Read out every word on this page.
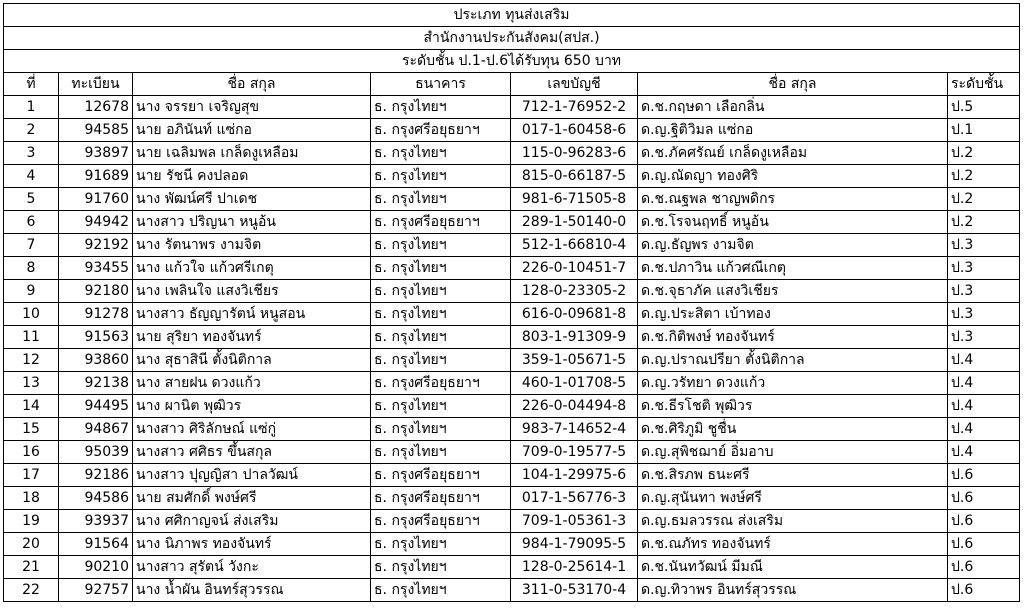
ประเภท ทุนส่งเสริม						
สำนักงานประกันสังคม(สปส.)						
ระดับชั้น ป.1-ป.6ได้รับทุน 650 บาท						
ที่	ทะเบียน	ชื่อ สกุล	ธนาคาร	เลขบัญชี	ชื่อ สกุล	ระดับชั้น
1	12678	นาง จรรยา เจริญสุข	ธ. กรุงไทยฯ	712-1-76952-2	ด.ช.กฤษดา เลือกลิ่น	ป.5
2	94585	นาย อภินันท์ แซ่กอ	ธ. กรุงศรีอยุธยาฯ	017-1-60458-6	ด.ญ.ฐิติวิมล แซ่กอ	ป.1
3	93897	นาย เฉลิมพล เกล็ดงูเหลือม	ธ. กรุงไทยฯ	115-0-96283-6	ด.ช.ภัคศรัณย์ เกล็ดงูเหลือม	ป.2
4	91689	นาย รัชนี คงปลอด	ธ. กรุงไทยฯ	815-0-66187-5	ด.ญ.ณัดญา ทองศิริ	ป.2
5	91760	นาง พัฒน์ศรี ปาเดช	ธ. กรุงไทยฯ	981-6-71505-8	ด.ช.ณฐพล ชาญพดิกร	ป.2
6	94942	นางสาว ปริญนา หนูอ้น	ธ. กรุงศรีอยุธยาฯ	289-1-50140-0	ด.ช.โรจนฤทธิ์ หนูอ้น	ป.2
7	92192	นาง รัตนาพร งามจิต	ธ. กรุงไทยฯ	512-1-66810-4	ด.ญ.ธัญพร งามจิต	ป.3
8	93455	นาง แก้วใจ แก้วศรีเกตุ	ธ. กรุงไทยฯ	226-0-10451-7	ด.ช.ปภาวิน แก้วศณีเกตุ	ป.3
9	92180	นาง เพลินใจ แสงวิเชียร	ธ. กรุงไทยฯ	128-0-23305-2	ด.ช.จุธาภัค แสงวิเชียร	ป.3
10	91278	นางสาว ธัญญารัตน์ หนูสอน	ธ. กรุงไทยฯ	616-0-09681-8	ด.ญ.ประสิตา เบ้าทอง	ป.3
11	91563	นาย สุริยา ทองจันทร์	ธ. กรุงไทยฯ	803-1-91309-9	ด.ช.กิติพงษ์ ทองจันทร์	ป.3
12	93860	นาง สุธาสินี ตั้งนิติกาล	ธ. กรุงไทยฯ	359-1-05671-5	ด.ญ.ปราณปรียา ตั้งนิติกาล	ป.4
13	92138	นาง สายฝน ดวงแก้ว	ธ. กรุงศรีอยุธยาฯ	460-1-01708-5	ด.ญ.วรัทยา ดวงแก้ว	ป.4
14	94495	นาง ผานิต พุฒิวร	ธ. กรุงไทยฯ	226-0-04494-8	ด.ช.ธีรโชติ พุฒิวร	ป.4
15	94867	นางสาว ศิริลักษณ์ แซ่กู่	ธ. กรุงไทยฯ	983-7-14652-4	ด.ช.ศิริภูมิ ชูชื่น	ป.4
16	95039	นางสาว ศศิธร ขึ้นสกุล	ธ. กรุงไทยฯ	709-0-19577-5	ด.ญ.สุพิชฌาย์ อิ่มอาบ	ป.4
17	92186	นางสาว ปุญญิสา ปาลวัฒน์	ธ. กรุงศรีอยุธยาฯ	104-1-29975-6	ด.ช.สิรภพ ธนะศรี	ป.6
18	94586	นาย สมศักดิ์ พงษ์ศรี	ธ. กรุงศรีอยุธยาฯ	017-1-56776-3	ด.ญ.สุนันทา พงษ์ศรี	ป.6
19	93937	นาง ศศิกาญจน์ ส่งเสริม	ธ. กรุงศรีอยุธยาฯ	709-1-05361-3	ด.ญ.ธมลวรรณ ส่งเสริม	ป.6
20	91564	นาง นิภาพร ทองจันทร์	ธ. กรุงไทยฯ	984-1-79095-5	ด.ช.ณภัทร ทองจันทร์	ป.6
21	90210	นางสาว สุรัตน์ วังกะ	ธ. กรุงไทยฯ	128-0-25614-1	ด.ช.นันทวัฒน์ มีมณี	ป.6
22	92757	นาง น้ำผัน อินทร์สุวรรณ	ธ. กรุงไทยฯ	311-0-53170-4	ด.ญ.ทิวาพร อินทร์สุวรรณ	ป.6
